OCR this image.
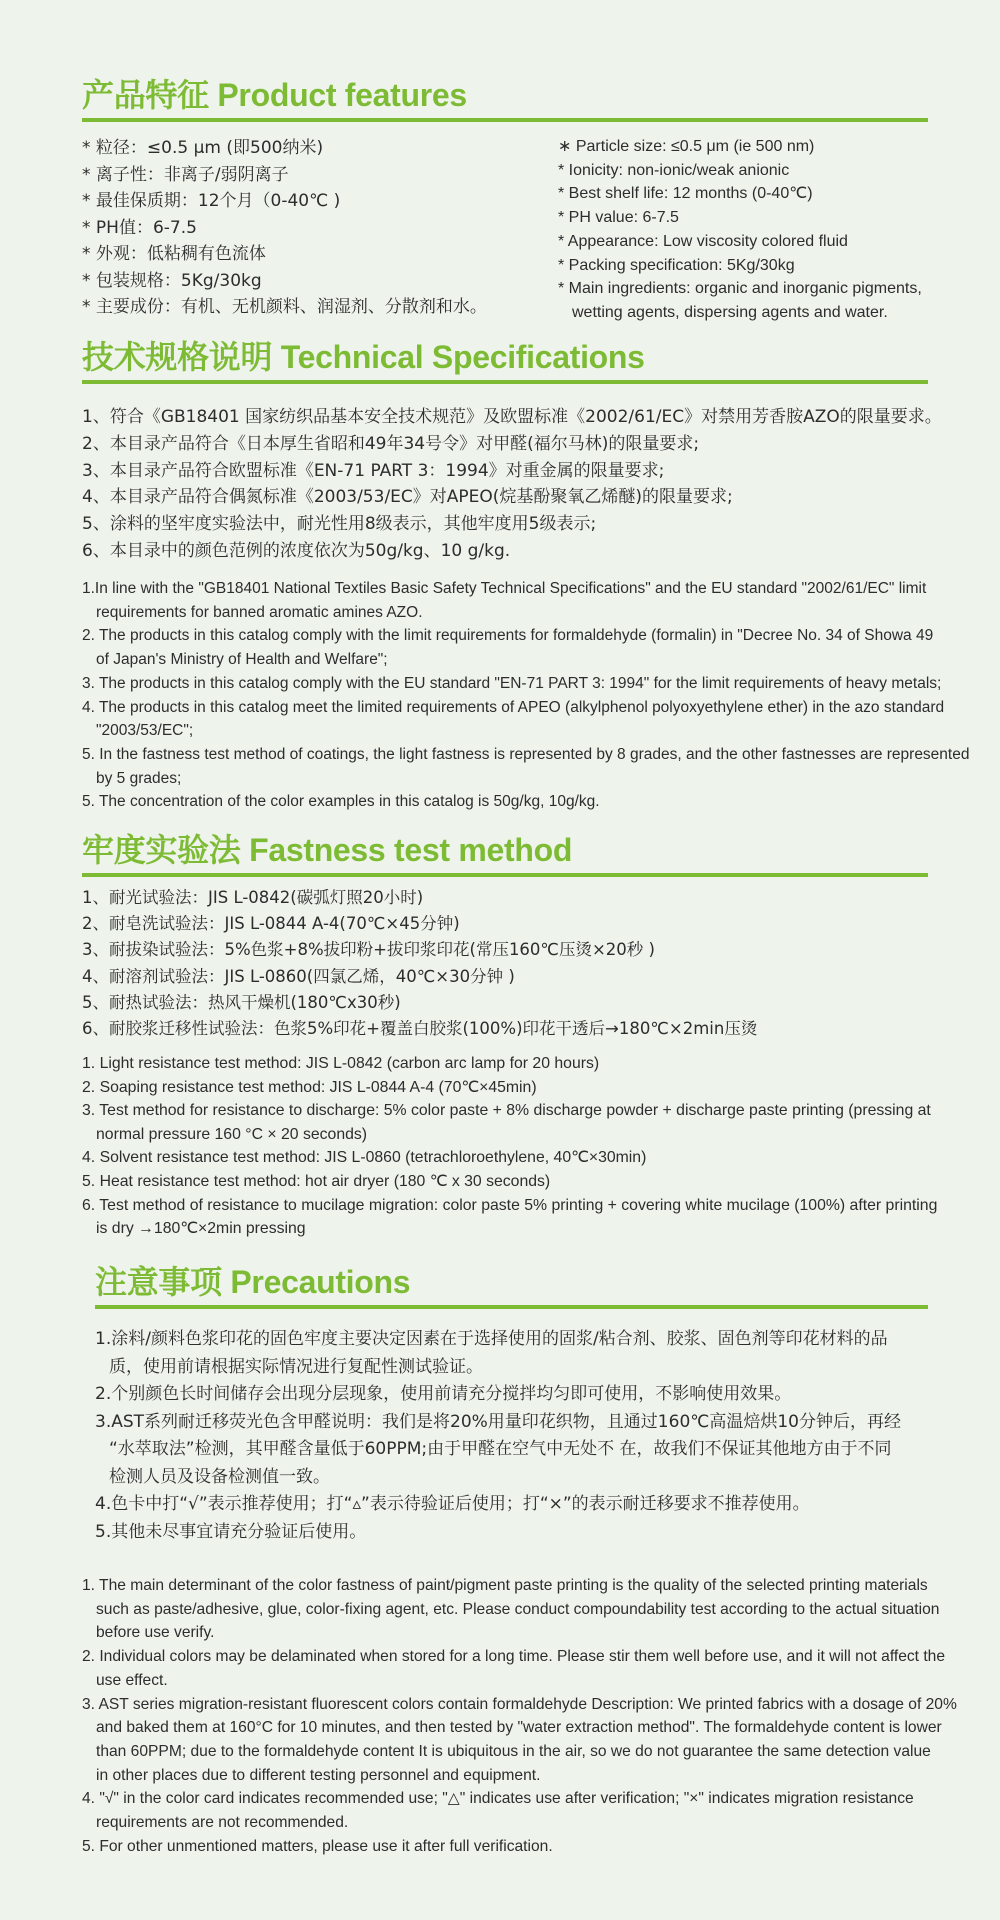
产品特征 Product features
* 粒径：≤0.5 μm (即500纳米)
* 离子性：非离子/弱阴离子
* 最佳保质期：12个月（0-40℃ )
* PH值：6-7.5
* 外观：低粘稠有色流体
* 包装规格：5Kg/30kg
* 主要成份：有机、无机颜料、润湿剂、分散剂和水。
∗ Particle size: ≤0.5 μm (ie 500 nm)
* Ionicity: non-ionic/weak anionic
* Best shelf life: 12 months (0-40℃)
* PH value: 6-7.5
* Appearance: Low viscosity colored fluid
* Packing specification: 5Kg/30kg
* Main ingredients: organic and inorganic pigments,
wetting agents, dispersing agents and water.
技术规格说明 Technical Specifications
1、符合《GB18401 国家纺织品基本安全技术规范》及欧盟标准《2002/61/EC》对禁用芳香胺AZO的限量要求。
2、本目录产品符合《日本厚生省昭和49年34号令》对甲醛(福尔马林)的限量要求;
3、本目录产品符合欧盟标准《EN-71 PART 3：1994》对重金属的限量要求;
4、本目录产品符合偶氮标准《2003/53/EC》对APEO(烷基酚聚氧乙烯醚)的限量要求;
5、涂料的坚牢度实验法中，耐光性用8级表示，其他牢度用5级表示;
6、本目录中的颜色范例的浓度依次为50g/kg、10 g/kg.
1.In line with the "GB18401 National Textiles Basic Safety Technical Specifications" and the EU standard "2002/61/EC" limit
requirements for banned aromatic amines AZO.
2. The products in this catalog comply with the limit requirements for formaldehyde (formalin) in "Decree No. 34 of Showa 49
of Japan's Ministry of Health and Welfare";
3. The products in this catalog comply with the EU standard "EN-71 PART 3: 1994" for the limit requirements of heavy metals;
4. The products in this catalog meet the limited requirements of APEO (alkylphenol polyoxyethylene ether) in the azo standard
"2003/53/EC";
5. In the fastness test method of coatings, the light fastness is represented by 8 grades, and the other fastnesses are represented
by 5 grades;
5. The concentration of the color examples in this catalog is 50g/kg, 10g/kg.
牢度实验法 Fastness test method
1、耐光试验法：JIS L-0842(碳弧灯照20小时)
2、耐皂洗试验法：JIS L-0844 A-4(70℃×45分钟)
3、耐拔染试验法：5%色浆+8%拔印粉+拔印浆印花(常压160℃压烫×20秒 )
4、耐溶剂试验法：JIS L-0860(四氯乙烯，40℃×30分钟 )
5、耐热试验法：热风干燥机(180℃x30秒)
6、耐胶浆迁移性试验法：色浆5%印花+覆盖白胶浆(100%)印花干透后→180℃×2min压烫
1. Light resistance test method: JIS L-0842 (carbon arc lamp for 20 hours)
2. Soaping resistance test method: JIS L-0844 A-4 (70℃×45min)
3. Test method for resistance to discharge: 5% color paste + 8% discharge powder + discharge paste printing (pressing at
normal pressure 160 °C × 20 seconds)
4. Solvent resistance test method: JIS L-0860 (tetrachloroethylene, 40℃×30min)
5. Heat resistance test method: hot air dryer (180 ℃ x 30 seconds)
6. Test method of resistance to mucilage migration: color paste 5% printing + covering white mucilage (100%) after printing
is dry →180℃×2min pressing
注意事项 Precautions
1.涂料/颜料色浆印花的固色牢度主要决定因素在于选择使用的固浆/粘合剂、胶浆、固色剂等印花材料的品
质，使用前请根据实际情况进行复配性测试验证。
2.个别颜色长时间储存会出现分层现象，使用前请充分搅拌均匀即可使用，不影响使用效果。
3.AST系列耐迁移荧光色含甲醛说明：我们是将20%用量印花织物，且通过160℃高温焙烘10分钟后，再经
“水萃取法”检测，其甲醛含量低于60PPM;由于甲醛在空气中无处不 在，故我们不保证其他地方由于不同
检测人员及设备检测值一致。
4.色卡中打“√”表示推荐使用；打“▵”表示待验证后使用；打“×”的表示耐迁移要求不推荐使用。
5.其他未尽事宜请充分验证后使用。
1. The main determinant of the color fastness of paint/pigment paste printing is the quality of the selected printing materials
such as paste/adhesive, glue, color-fixing agent, etc. Please conduct compoundability test according to the actual situation
before use verify.
2. Individual colors may be delaminated when stored for a long time. Please stir them well before use, and it will not affect the
use effect.
3. AST series migration-resistant fluorescent colors contain formaldehyde Description: We printed fabrics with a dosage of 20%
and baked them at 160°C for 10 minutes, and then tested by "water extraction method". The formaldehyde content is lower
than 60PPM; due to the formaldehyde content It is ubiquitous in the air, so we do not guarantee the same detection value
in other places due to different testing personnel and equipment.
4. "√" in the color card indicates recommended use; "△" indicates use after verification; "×" indicates migration resistance
requirements are not recommended.
5. For other unmentioned matters, please use it after full verification.
